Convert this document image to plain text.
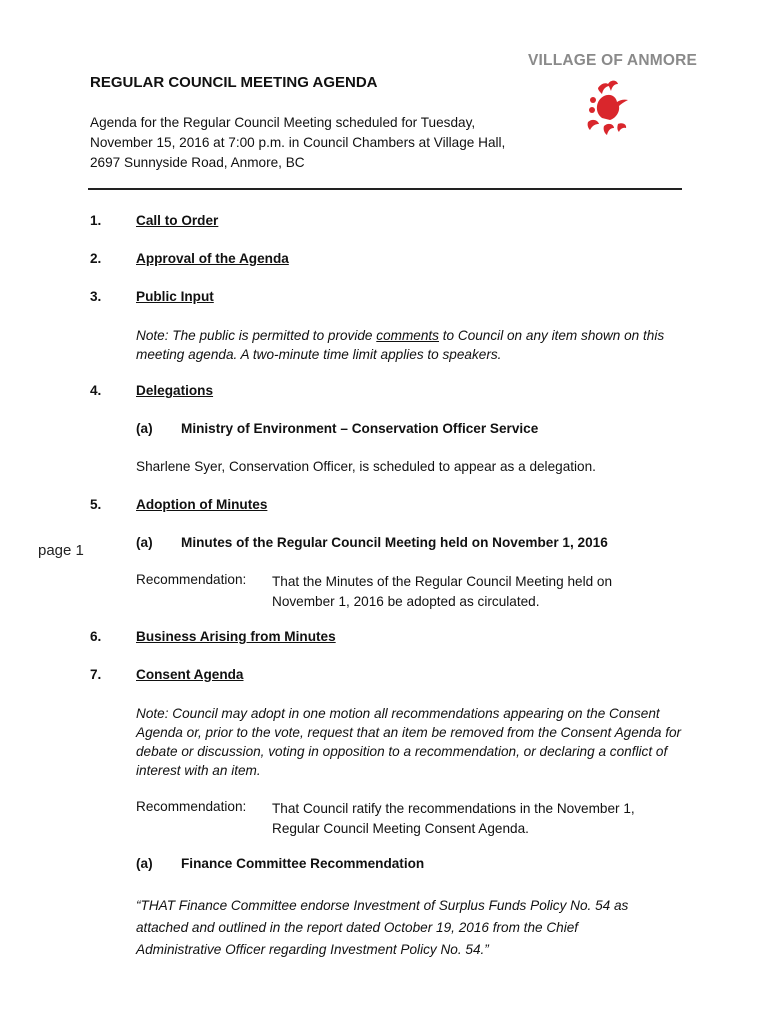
VILLAGE OF ANMORE
REGULAR COUNCIL MEETING AGENDA
Agenda for the Regular Council Meeting scheduled for Tuesday, November 15, 2016 at 7:00 p.m. in Council Chambers at Village Hall, 2697 Sunnyside Road, Anmore, BC
1.	Call to Order
2.	Approval of the Agenda
3.	Public Input
Note: The public is permitted to provide comments to Council on any item shown on this meeting agenda. A two-minute time limit applies to speakers.
4.	Delegations
(a) Ministry of Environment – Conservation Officer Service
Sharlene Syer, Conservation Officer, is scheduled to appear as a delegation.
5.	Adoption of Minutes
(a) Minutes of the Regular Council Meeting held on November 1, 2016
Recommendation: That the Minutes of the Regular Council Meeting held on November 1, 2016 be adopted as circulated.
page 1
6.	Business Arising from Minutes
7.	Consent Agenda
Note: Council may adopt in one motion all recommendations appearing on the Consent Agenda or, prior to the vote, request that an item be removed from the Consent Agenda for debate or discussion, voting in opposition to a recommendation, or declaring a conflict of interest with an item.
Recommendation: That Council ratify the recommendations in the November 1, Regular Council Meeting Consent Agenda.
(a) Finance Committee Recommendation
“THAT Finance Committee endorse Investment of Surplus Funds Policy No. 54 as attached and outlined in the report dated October 19, 2016 from the Chief Administrative Officer regarding Investment Policy No. 54.”
